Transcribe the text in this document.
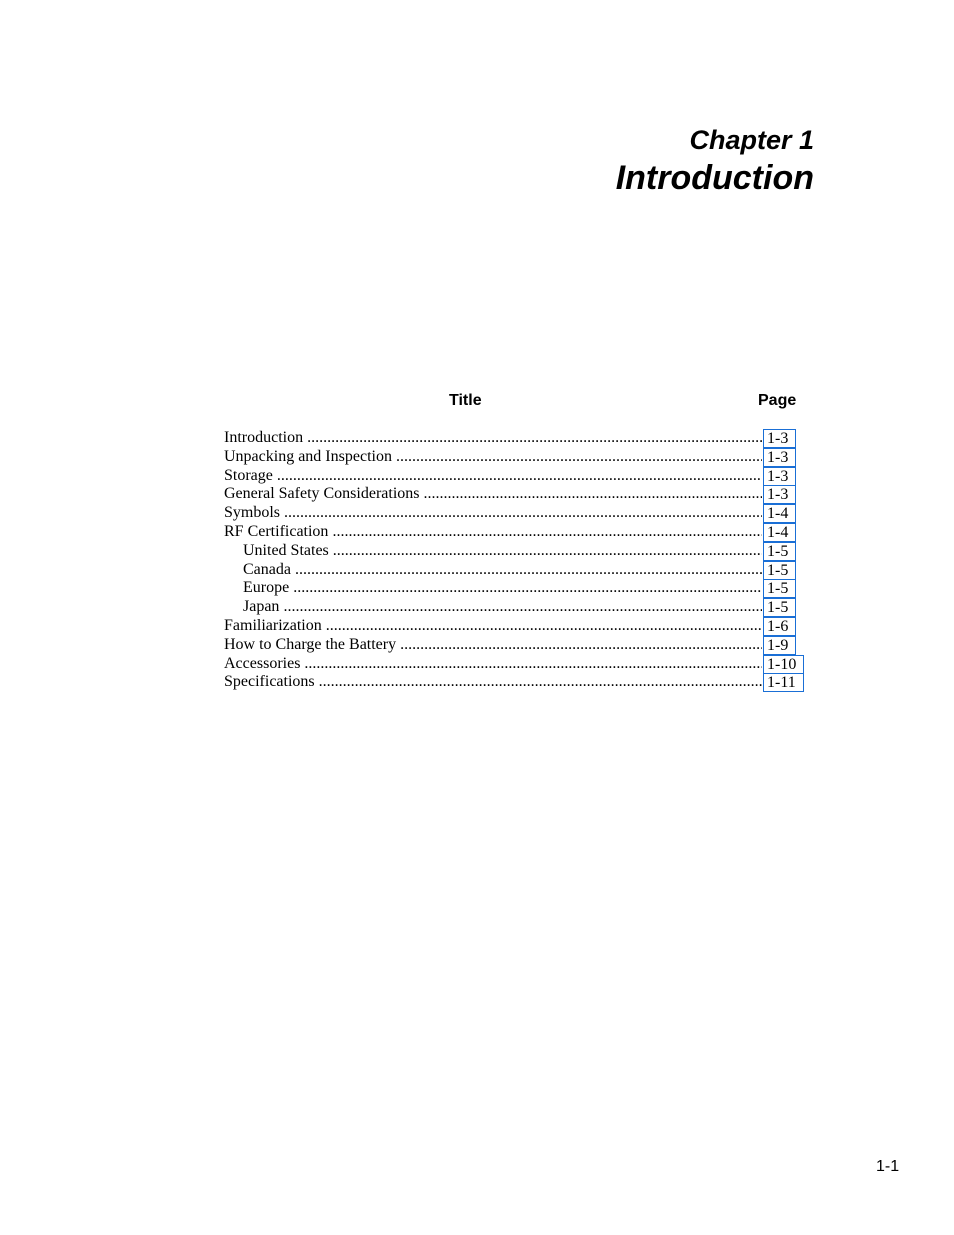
Chapter 1
Introduction
Title	Page
Introduction .....	1-3
Unpacking and Inspection .....	1-3
Storage .....	1-3
General Safety Considerations .....	1-3
Symbols .....	1-4
RF Certification .....	1-4
United States .....	1-5
Canada .....	1-5
Europe .....	1-5
Japan .....	1-5
Familiarization .....	1-6
How to Charge the Battery .....	1-9
Accessories .....	1-10
Specifications .....	1-11
1-1
